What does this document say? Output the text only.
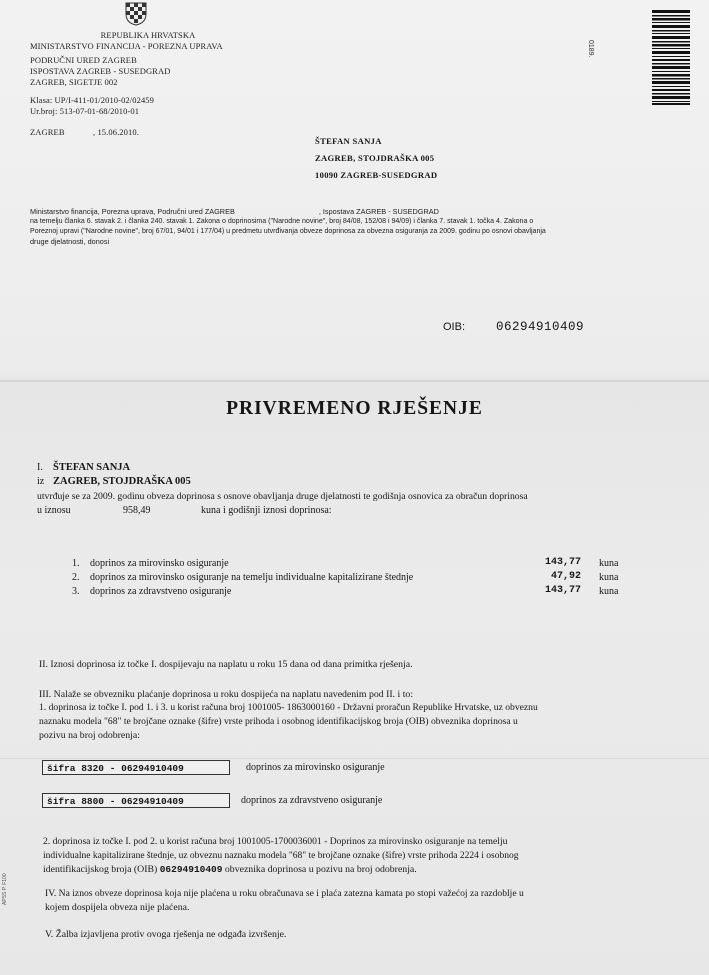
REPUBLIKA HRVATSKA
MINISTARSTVO FINANCIJA - POREZNA UPRAVA
PODRUČNI URED ZAGREB
ISPOSTAVA ZAGREB - SUSEDGRAD
ZAGREB, SIGETJE 002
Klasa: UP/I-411-01/2010-02/02459
Ur.broj: 513-07-01-68/2010-01
ZAGREB	, 15.06.2010.
0189.
ŠTEFAN SANJA
ZAGREB, STOJDRAŠKA 005
10090 ZAGREB-SUSEDGRAD
Ministarstvo financija, Porezna uprava, Područni ured ZAGREB	, Ispostava ZAGREB - SUSEDGRAD
na temelju članka 6. stavak 2. i članka 240. stavak 1. Zakona o doprinosima ("Narodne novine", broj 84/08, 152/08 i 94/09) i članka 7. stavak 1. točka 4. Zakona o
Poreznoj upravi ("Narodne novine", broj 67/01, 94/01 i 177/04) u predmetu utvrđivanja obveze doprinosa za obvezna osiguranja za 2009. godinu po osnovi obavljanja
druge djelatnosti, donosi
OIB: 06294910409
PRIVREMENO RJEŠENJE
I. ŠTEFAN SANJA
iz ZAGREB, STOJDRAŠKA 005
utvrđuje se za 2009. godinu obveza doprinosa s osnove obavljanja druge djelatnosti te godišnja osnovica za obračun doprinosa
u iznosu	958,49	kuna i godišnji iznosi doprinosa:
1. doprinos za mirovinsko osiguranje	143,77 kuna
2. doprinos za mirovinsko osiguranje na temelju individualne kapitalizirane štednje	47,92 kuna
3. doprinos za zdravstveno osiguranje	143,77 kuna
II. Iznosi doprinosa iz točke I. dospijevaju na naplatu u roku 15 dana od dana primitka rješenja.
III. Nalaže se obvezniku plaćanje doprinosa u roku dospijeća na naplatu navedenim pod II. i to:
1. doprinosa iz točke I. pod 1. i 3. u korist računa broj 1001005- 1863000160 - Državni proračun Republike Hrvatske, uz obveznu
naznaku modela "68" te brojčane oznake (šifre) vrste prihoda i osobnog identifikacijskog broja (OIB) obveznika doprinosa u
pozivu na broj odobrenja:
šifra 8320 - 06294910409	doprinos za mirovinsko osiguranje
šifra 8800 - 06294910409	doprinos za zdravstveno osiguranje
2. doprinosa iz točke I. pod 2. u korist računa broj 1001005-1700036001 - Doprinos za mirovinsko osiguranje na temelju
individualne kapitalizirane štednje, uz obveznu naznaku modela "68" te brojčane oznake (šifre) vrste prihoda 2224 i osobnog
identifikacijskog broja (OIB) 06294910409 obveznika doprinosa u pozivu na broj odobrenja.
IV. Na iznos obveze doprinosa koja nije plaćena u roku obračunava se i plaća zatezna kamata po stopi važećoj za razdoblje u
kojem dospijela obveza nije plaćena.
V. Žalba izjavljena protiv ovoga rješenja ne odgađa izvršenje.
APSS P. F100
